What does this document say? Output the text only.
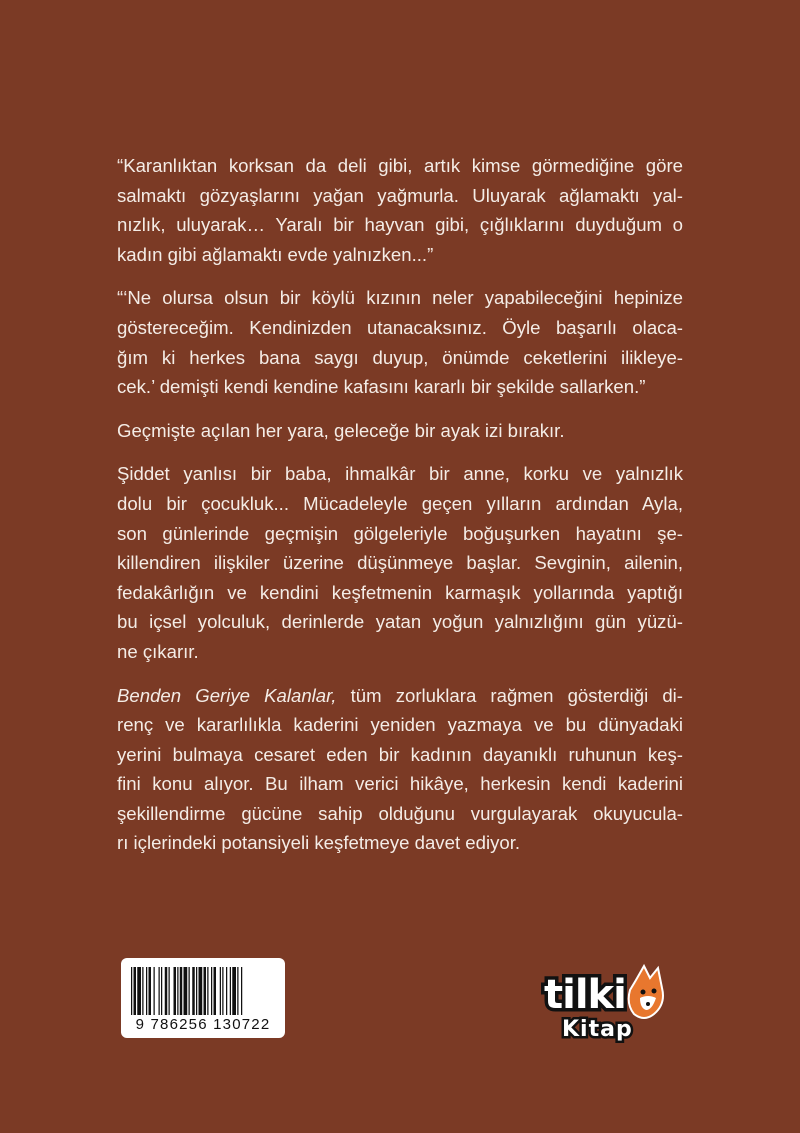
“Karanlıktan korksan da deli gibi, artık kimse görmediğine göre
salmaktı gözyaşlarını yağan yağmurla. Uluyarak ağlamaktı yal-
nızlık, uluyarak… Yaralı bir hayvan gibi, çığlıklarını duyduğum o
kadın gibi ağlamaktı evde yalnızken...”

“‘Ne olursa olsun bir köylü kızının neler yapabileceğini hepinize
göstereceğim. Kendinizden utanacaksınız. Öyle başarılı olaca-
ğım ki herkes bana saygı duyup, önümde ceketlerini ilikleye-
cek.’ demişti kendi kendine kafasını kararlı bir şekilde sallarken.”

Geçmişte açılan her yara, geleceğe bir ayak izi bırakır.

Şiddet yanlısı bir baba, ihmalkâr bir anne, korku ve yalnızlık
dolu bir çocukluk... Mücadeleyle geçen yılların ardından Ayla,
son günlerinde geçmişin gölgeleriyle boğuşurken hayatını şe-
killendiren ilişkiler üzerine düşünmeye başlar. Sevginin, ailenin,
fedakârlığın ve kendini keşfetmenin karmaşık yollarında yaptığı
bu içsel yolculuk, derinlerde yatan yoğun yalnızlığını gün yüzü-
ne çıkarır.

Benden Geriye Kalanlar, tüm zorluklara rağmen gösterdiği di-
renç ve kararlılıkla kaderini yeniden yazmaya ve bu dünyadaki
yerini bulmaya cesaret eden bir kadının dayanıklı ruhunun keş-
fini konu alıyor. Bu ilham verici hikâye, herkesin kendi kaderini
şekillendirme gücüne sahip olduğunu vurgulayarak okuyucula-
rı içlerindeki potansiyeli keşfetmeye davet ediyor.

9 786256 130722
tilki
Kitap
